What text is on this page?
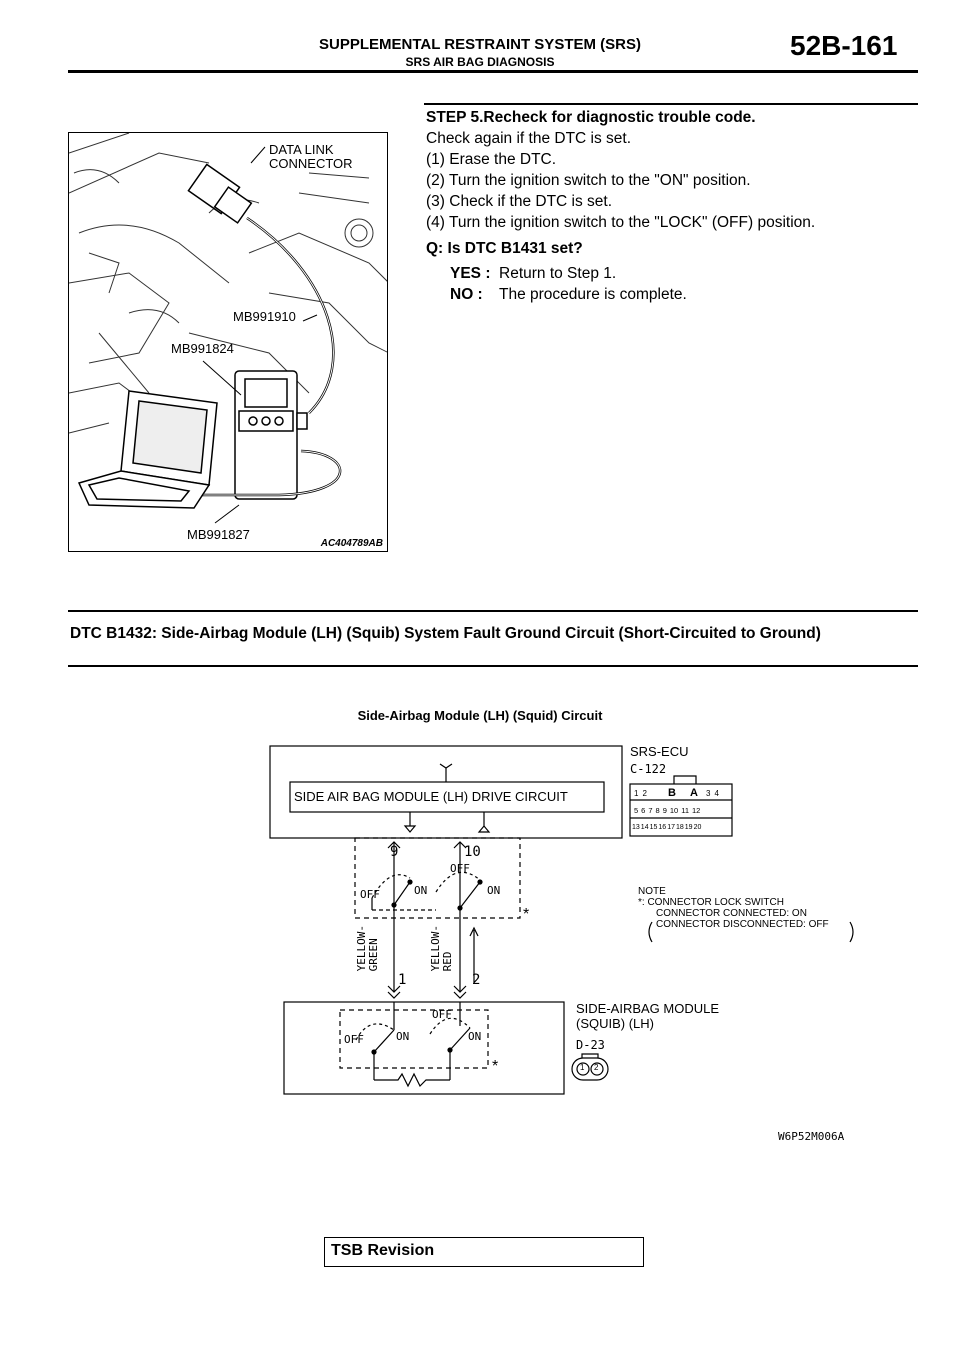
SUPPLEMENTAL RESTRAINT SYSTEM (SRS)
SRS AIR BAG DIAGNOSIS
52B-161
DATA LINK
CONNECTOR
MB991910
MB991824
MB991827
AC404789AB
STEP 5.Recheck for diagnostic trouble code.
Check again if the DTC is set.
(1) Erase the DTC.
(2) Turn the ignition switch to the "ON" position.
(3) Check if the DTC is set.
(4) Turn the ignition switch to the "LOCK" (OFF) position.
Q: Is DTC B1431 set?
YES : Return to Step 1.
NO : The procedure is complete.
DTC B1432: Side-Airbag Module (LH) (Squib) System Fault Ground Circuit (Short-Circuited to Ground)
Side-Airbag Module (LH) (Squid) Circuit
SRS-ECU
C-122
SIDE AIR BAG MODULE (LH) DRIVE CIRCUIT
9	10
OFF
OFF	ON	ON
*
YELLOW-
GREEN	YELLOW-
RED
1	2
OFF
OFF	ON	ON
*
NOTE
*: CONNECTOR LOCK SWITCH
CONNECTOR CONNECTED: ON
CONNECTOR DISCONNECTED: OFF
SIDE-AIRBAG MODULE
(SQUIB) (LH)
D-23
1 2
12 B A 34
5 6 7 8 9 10 11 12
13 14 15 16 17 18 19 20
W6P52M006A
TSB Revision
